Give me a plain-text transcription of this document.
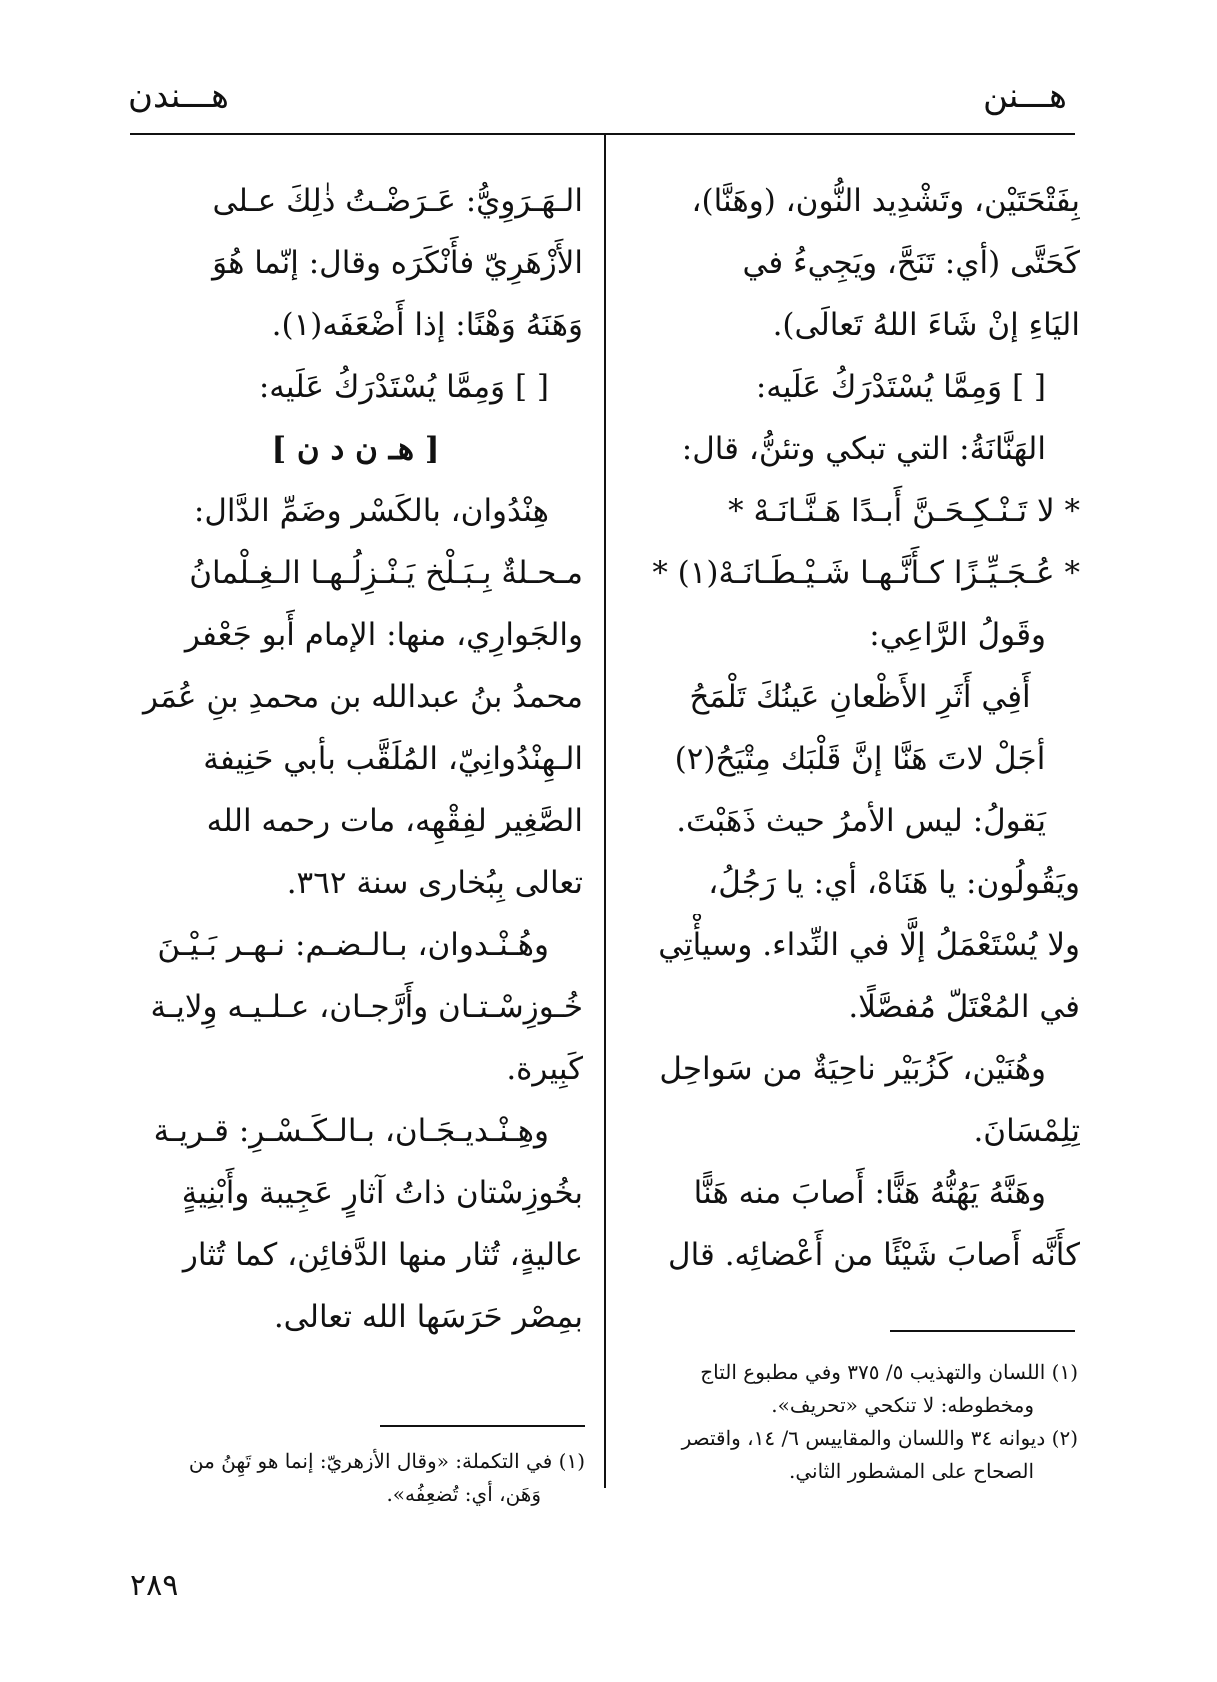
هـــنن
هـــندن
بِفَتْحَتَيْن، وتَشْدِيد النُّون، (وهَنَّا)،
كَحَتَّى (أي: تَنَحَّ، ويَجِيءُ في
اليَاءِ إنْ شَاءَ اللهُ تَعالَى).
[ ] وَمِمَّا يُسْتَدْرَكُ عَلَيه:
الهَنَّانَةُ: التي تبكي وتئنُّ، قال:
* لا تَـنْـكِـحَـنَّ أَبـدًا هَـنَّـانَـهْ *
* عُـجَـيِّـزًا كـأَنَّـهـا شَـيْـطَـانَـهْ(١) *
وقَولُ الرَّاعِي:
أَفِي أَثَرِ الأَظْعانِ عَينُكَ تَلْمَحُ
أجَلْ لاتَ هَنَّا إنَّ قَلْبَك مِتْيَحُ(٢)
يَقولُ: ليس الأمرُ حيث ذَهَبْتَ.
ويَقُولُون: يا هَنَاهْ، أي: يا رَجُلُ،
ولا يُسْتَعْمَلُ إلَّا في النِّداء. وسيأْتِي
في المُعْتَلّ مُفصَّلًا.
وهُنَيْن، كَزُبَيْر ناحِيَةٌ من سَواحِل
تِلِمْسَانَ.
وهَنَّهُ يَهُنُّهُ هَنًّا: أَصابَ منه هَنًّا
كأَنَّه أَصابَ شَيْئًا من أَعْضائِه. قال
الـهَـرَوِيُّ: عَـرَضْـتُ ذٰلِكَ عـلى
الأَزْهَرِيّ فأَنْكَرَه وقال: إنّما هُوَ
وَهَنَهُ وَهْنًا: إذا أَضْعَفَه(١).
[ ] وَمِمَّا يُسْتَدْرَكُ عَلَيه:
[ هـ ن د ن ]
هِنْدُوان، بالكَسْر وضَمِّ الدَّال:
مـحـلةٌ بِـبَـلْخ يَـنْـزِلُـهـا الـغِـلْمانُ
والجَوارِي، منها: الإمام أَبو جَعْفر
محمدُ بنُ عبدالله بن محمدِ بنِ عُمَر
الـهِنْدُوانِيّ، المُلَقَّب بأبي حَنِيفة
الصَّغِير لفِقْهِه، مات رحمه الله
تعالى بِبُخارى سنة ٣٦٢.
وهُـنْـدوان، بـالـضـم: نـهـر بَـيْـنَ
خُـوزِسْـتـان وأَرَّجـان، عـلـيـه وِلايـة
كَبِيرة.
وهِـنْـديـجَـان، بـالـكَـسْـرِ: قـريـة
بخُوزِسْتان ذاتُ آثارٍ عَجِيبة وأَبْنِيةٍ
عاليةٍ، تُثار منها الدَّفائِن، كما تُثار
بمِصْر حَرَسَها الله تعالى.
(١) اللسان والتهذيب ٥/ ٣٧٥ وفي مطبوع التاج
ومخطوطه: لا تنكحي «تحريف».
(٢) ديوانه ٣٤ واللسان والمقاييس ٦/ ١٤، واقتصر
الصحاح على المشطور الثاني.
(١) في التكملة: «وقال الأزهريّ: إنما هو تَهِنُ من
وَهَن، أي: تُضعِفُه».
٢٨٩
